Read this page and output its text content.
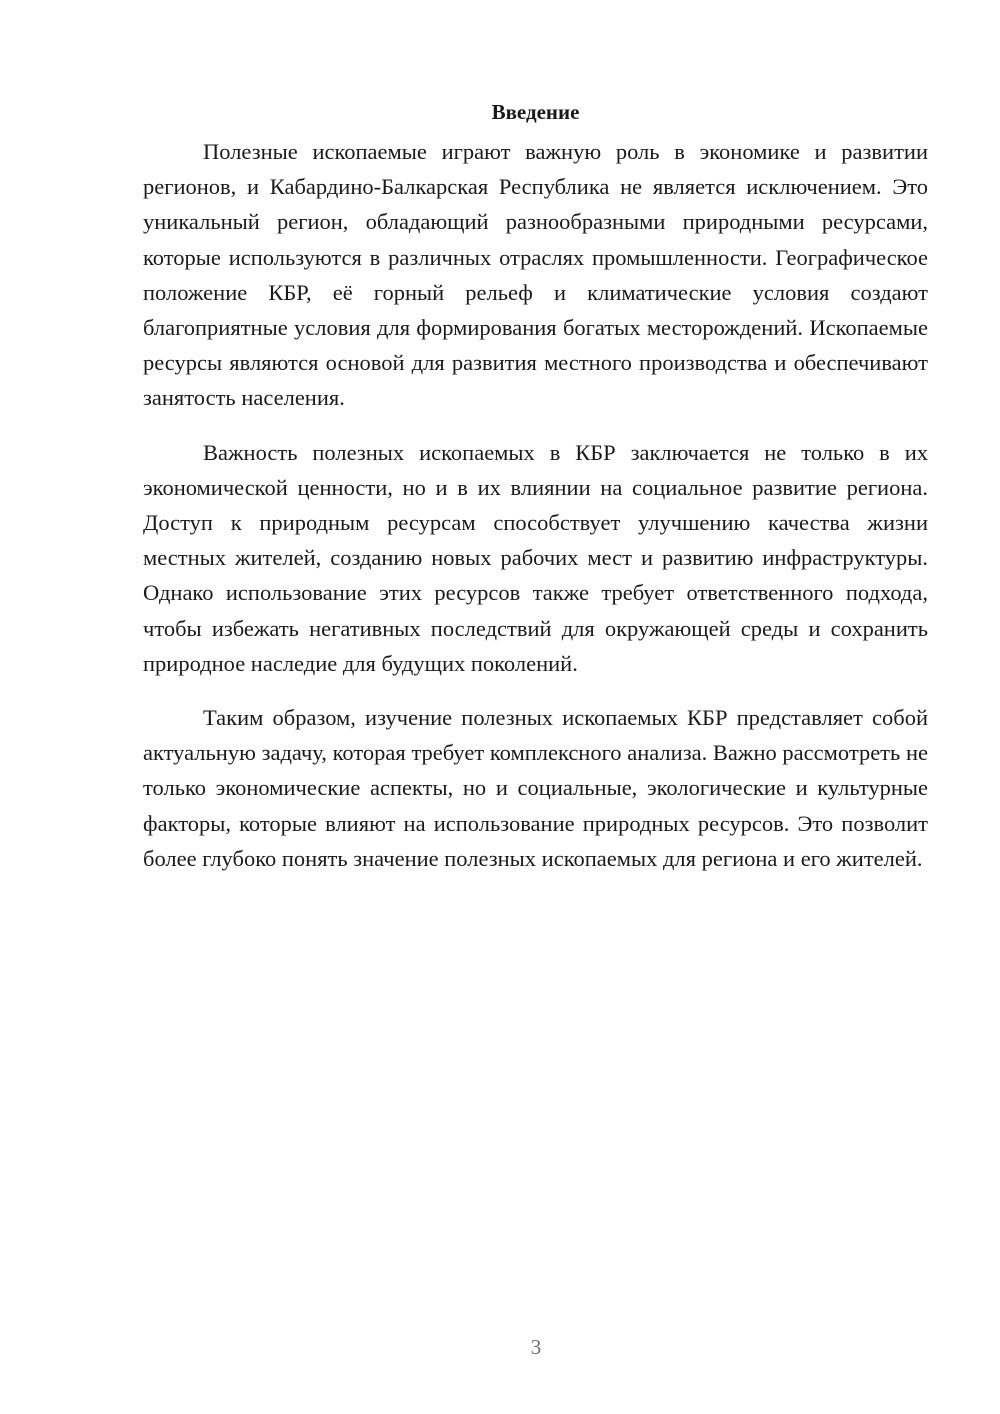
Введение

Полезные ископаемые играют важную роль в экономике и развитии регионов, и Кабардино-Балкарская Республика не является исключением. Это уникальный регион, обладающий разнообразными природными ресурсами, которые используются в различных отраслях промышленности. Географическое положение КБР, её горный рельеф и климатические условия создают благоприятные условия для формирования богатых месторождений. Ископаемые ресурсы являются основой для развития местного производства и обеспечивают занятость населения.

Важность полезных ископаемых в КБР заключается не только в их экономической ценности, но и в их влиянии на социальное развитие региона. Доступ к природным ресурсам способствует улучшению качества жизни местных жителей, созданию новых рабочих мест и развитию инфраструктуры. Однако использование этих ресурсов также требует ответственного подхода, чтобы избежать негативных последствий для окружающей среды и сохранить природное наследие для будущих поколений.

Таким образом, изучение полезных ископаемых КБР представляет собой актуальную задачу, которая требует комплексного анализа. Важно рассмотреть не только экономические аспекты, но и социальные, экологические и культурные факторы, которые влияют на использование природных ресурсов. Это позволит более глубоко понять значение полезных ископаемых для региона и его жителей.

3
